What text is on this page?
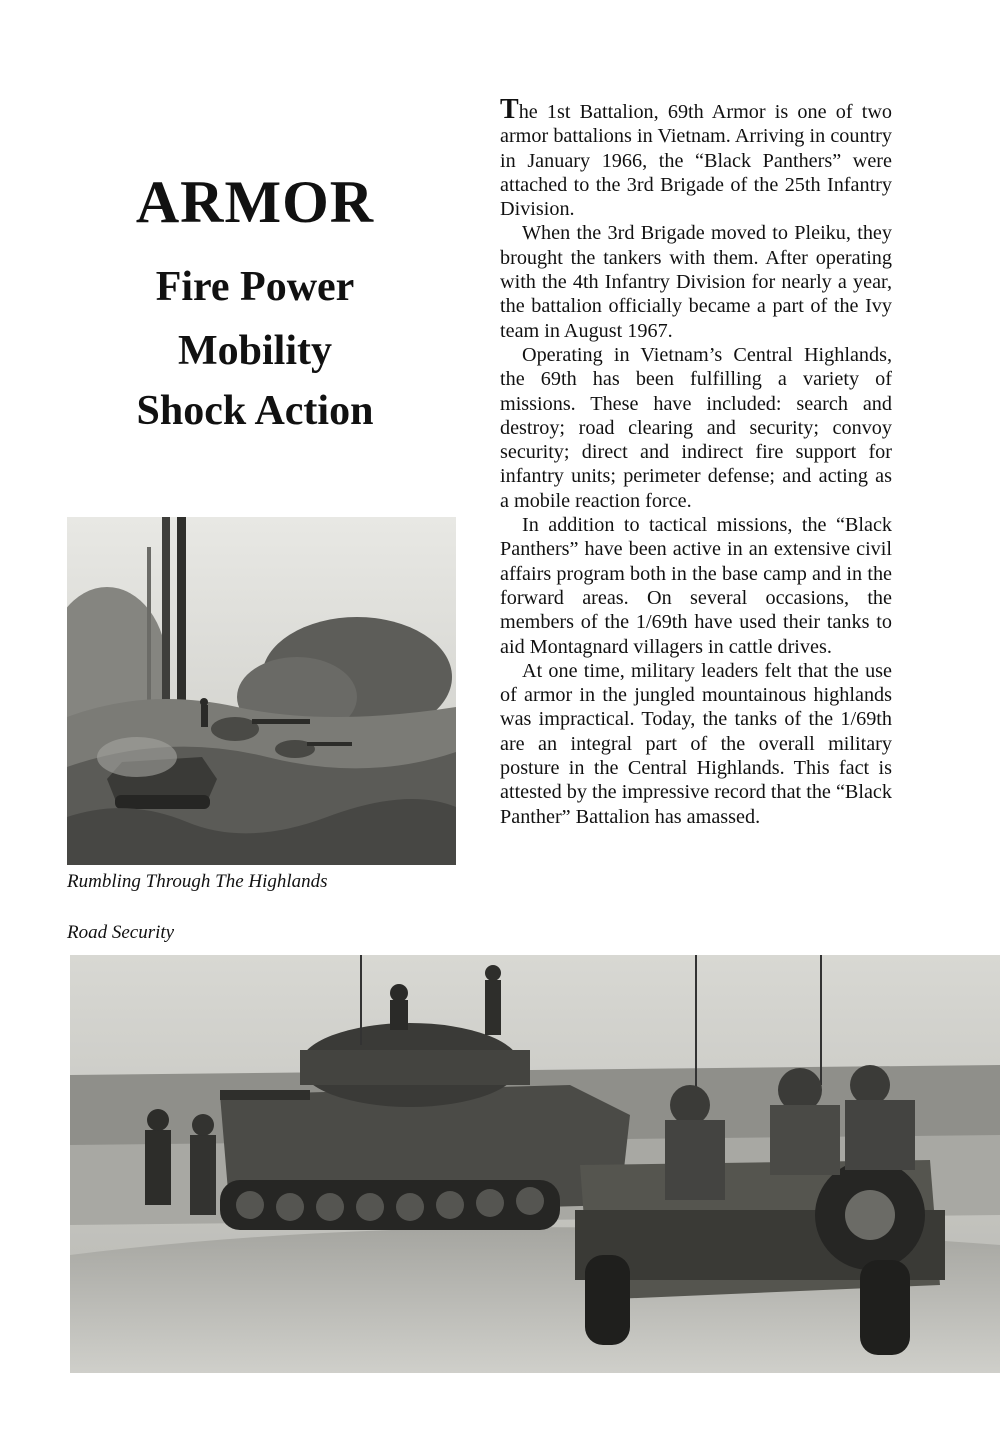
ARMOR
Fire Power
Mobility
Shock Action
Rumbling Through The Highlands
Road Security

The 1st Battalion, 69th Armor is one of two armor battalions in Vietnam. Arriving in country in January 1966, the “Black Panthers” were attached to the 3rd Brigade of the 25th Infantry Division.

When the 3rd Brigade moved to Pleiku, they brought the tankers with them. After operating with the 4th Infantry Division for nearly a year, the battalion officially became a part of the Ivy team in August 1967.

Operating in Vietnam’s Central Highlands, the 69th has been fulfilling a variety of missions. These have included: search and destroy; road clearing and security; convoy security; direct and indirect fire support for infantry units; perimeter defense; and acting as a mobile reaction force.

In addition to tactical missions, the “Black Panthers” have been active in an extensive civil affairs program both in the base camp and in the forward areas. On several occasions, the members of the 1/69th have used their tanks to aid Montagnard villagers in cattle drives.

At one time, military leaders felt that the use of armor in the jungled mountainous highlands was impractical. Today, the tanks of the 1/69th are an integral part of the overall military posture in the Central Highlands. This fact is attested by the impressive record that the “Black Panther” Battalion has amassed.
